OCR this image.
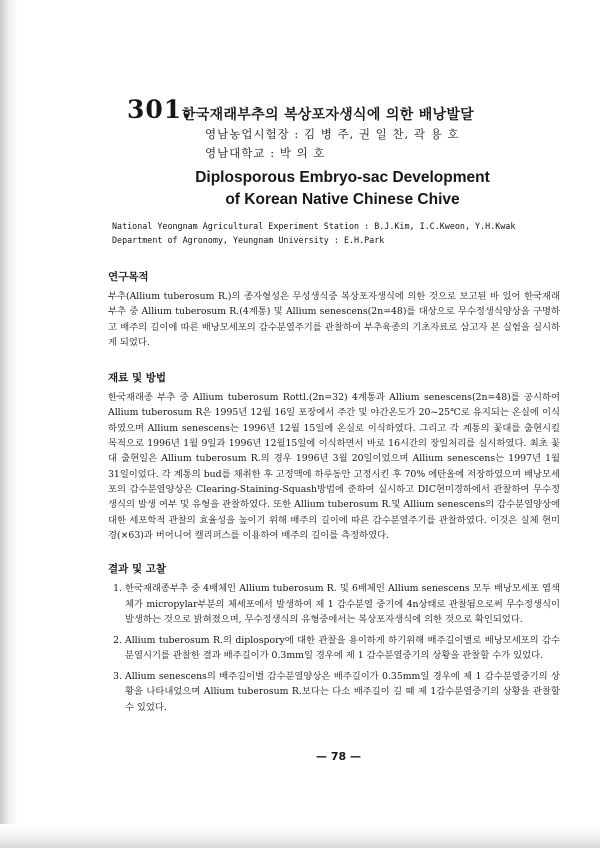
301.
한국재래부추의 복상포자생식에 의한 배낭발달
영남농업시험장 : 김 병 주, 권 일 찬, 곽 용 호
영남대학교 : 박 의 호
Diplosporous Embryo-sac Development
of Korean Native Chinese Chive
National Yeongnam Agricultural Experiment Station : B.J.Kim, I.C.Kweon, Y.H.Kwak
Department of Agronomy, Yeungnam University : E.H.Park
연구목적

부추(Allium tuberosum R.)의 종자형성은 무성생식중 복상포자생식에 의한 것으로 보고된 바 있어 한국재래부추 중 Allium tuberosum R.(4계통) 및 Allium senescens(2n=48)를 대상으로 무수정생식양상을 구명하고 배주의 길이에 따른 배낭모세포의 감수분열주기를 관찰하여 부추육종의 기초자료로 삼고자 본 실험을 실시하게 되었다.

재료 및 방법

한국재래종 부추 중 Allium tuberosum Rottl.(2n=32) 4계통과 Allium senescens(2n=48)를 공시하여 Allium tuberosum R은 1995년 12월 16일 포장에서 주간 및 야간온도가 20~25℃로 유지되는 온실에 이식하였으며 Allium senescens는 1996년 12월 15일에 온실로 이식하였다. 그리고 각 계통의 꽃대를 출현시킬 목적으로 1996년 1월 9일과 1996년 12월15일에 이식하면서 바로 16시간의 장일처리를 실시하였다. 최초 꽃대 출현일은 Allium tuberosum R.의 경우 1996년 3월 20일이었으며 Allium senescens는 1997년 1월 31일이었다. 각 계통의 bud를 채취한 후 고정액에 하루동안 고정시킨 후 70% 에탄올에 저장하였으며 배낭모세포의 감수분열양상은 Clearing-Staining-Squash방법에 준하여 실시하고 DIC현미경하에서 관찰하여 무수정생식의 발생 여부 및 유형을 관찰하였다. 또한 Allium tuberosum R.및 Allium senescens의 감수분열양상에 대한 세포학적 관찰의 효율성을 높이기 위해 배주의 길이에 따른 감수분열주기를 관찰하였다. 이것은 실체 현미경(×63)과 버어니어 캘리퍼스를 이용하여 배주의 길이를 측정하였다.

결과 및 고찰
1. 한국재래종부추 중 4배체인 Allium tuberosum R. 및 6배체인 Allium senescens 모두 배낭모세포 염색체가 micropylar부분의 체세포에서 발생하여 제 1 감수분열 중기에 4n상태로 관찰됨으로써 무수정생식이 발생하는 것으로 밝혀졌으며, 무수정생식의 유형중에서는 복상포자생식에 의한 것으로 확인되었다.
2. Allium tuberosum R.의 diplospory에 대한 관찰을 용이하게 하기위해 배주길이별로 배낭모세포의 감수분열시기를 관찰한 결과 배주길이가 0.3mm일 경우에 제 1 감수분열중기의 상황을 관찰할 수가 있었다.
3. Allium senescens의 배주길이별 감수분열양상은 배주길이가 0.35mm일 경우에 제 1 감수분열중기의 상황을 나타내었으며 Allium tuberosum R.보다는 다소 배주길이 길 때 제 1감수분열중기의 상황을 관찰할 수 있었다.
— 78 —
